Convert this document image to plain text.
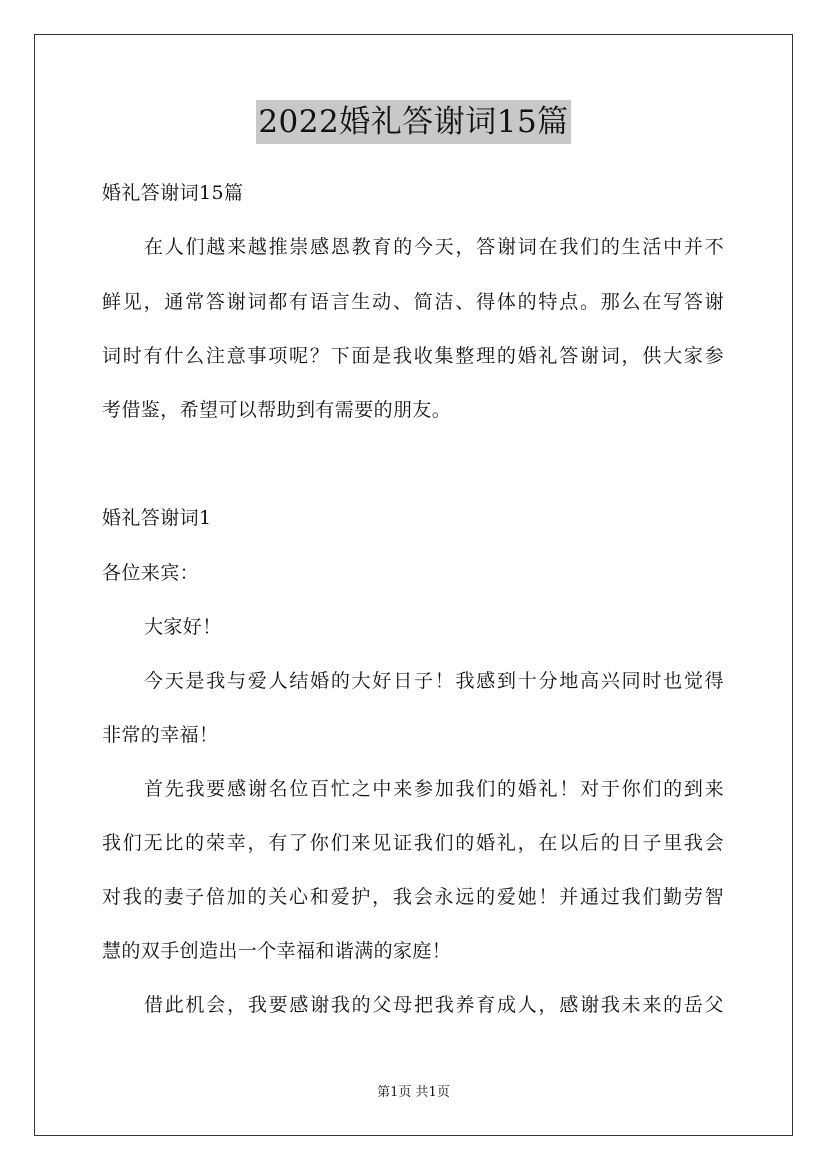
2022婚礼答谢词15篇
婚礼答谢词15篇
在 人 们 越 来 越 推 崇 感 恩 教 育 的 今 天 ， 答 谢 词 在 我 们 的 生 活 中 并 不
鲜 见 ， 通 常 答 谢 词 都 有 语 言 生 动 、 简 洁 、 得 体 的 特 点 。 那 么 在 写 答 谢
词 时 有 什 么 注 意 事 项 呢 ？ 下 面 是 我 收 集 整 理 的 婚 礼 答 谢 词 ， 供 大 家 参
考借鉴，希望可以帮助到有需要的朋友。
婚礼答谢词1
各位来宾：
大家好！
今 天 是 我 与 爱 人 结 婚 的 大 好 日 子 ！ 我 感 到 十 分 地 高 兴 同 时 也 觉 得
非常的幸福！
首 先 我 要 感 谢 名 位 百 忙 之 中 来 参 加 我 们 的 婚 礼 ！ 对 于 你 们 的 到 来
我 们 无 比 的 荣 幸 ， 有 了 你 们 来 见 证 我 们 的 婚 礼 ， 在 以 后 的 日 子 里 我 会
对 我 的 妻 子 倍 加 的 关 心 和 爱 护 ， 我 会 永 远 的 爱 她 ！ 并 通 过 我 们 勤 劳 智
慧的双手创造出一个幸福和谐满的家庭！
借 此 机 会 ， 我 要 感 谢 我 的 父 母 把 我 养 育 成 人 ， 感 谢 我 未 来 的 岳 父
第1页 共1页
